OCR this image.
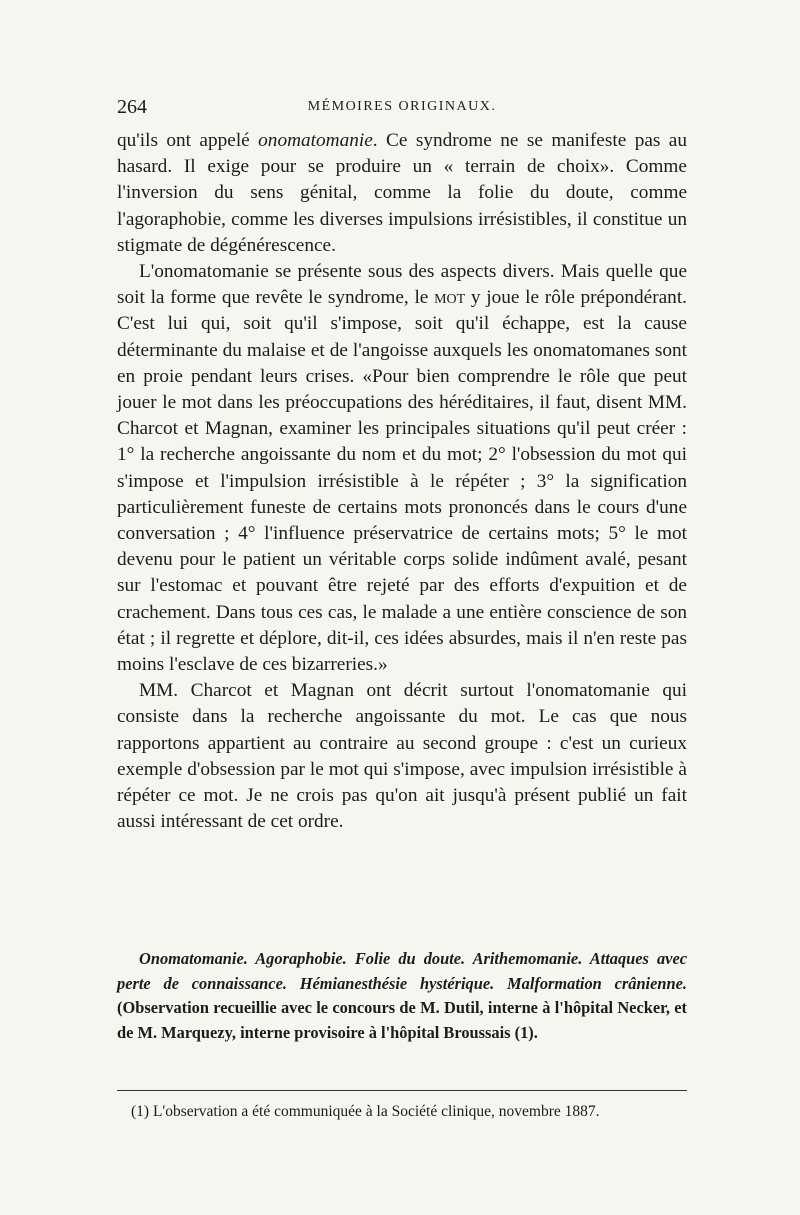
264	MÉMOIRES ORIGINAUX.

qu'ils ont appelé onomatomanie. Ce syndrome ne se manifeste pas au hasard. Il exige pour se produire un « terrain de choix». Comme l'inversion du sens génital, comme la folie du doute, comme l'agoraphobie, comme les diverses impulsions irrésistibles, il constitue un stigmate de dégénérescence.

L'onomatomanie se présente sous des aspects divers. Mais quelle que soit la forme que revête le syndrome, le mot y joue le rôle prépondérant. C'est lui qui, soit qu'il s'impose, soit qu'il échappe, est la cause déterminante du malaise et de l'angoisse auxquels les onomatomanes sont en proie pendant leurs crises. «Pour bien comprendre le rôle que peut jouer le mot dans les préoccupations des héréditaires, il faut, disent MM. Charcot et Magnan, examiner les principales situations qu'il peut créer : 1° la recherche angoissante du nom et du mot; 2° l'obsession du mot qui s'impose et l'impulsion irrésistible à le répéter ; 3° la signification particulièrement funeste de certains mots prononcés dans le cours d'une conversation ; 4° l'influence préservatrice de certains mots; 5° le mot devenu pour le patient un véritable corps solide indûment avalé, pesant sur l'estomac et pouvant être rejeté par des efforts d'expuition et de crachement. Dans tous ces cas, le malade a une entière conscience de son état ; il regrette et déplore, dit-il, ces idées absurdes, mais il n'en reste pas moins l'esclave de ces bizarreries.»

MM. Charcot et Magnan ont décrit surtout l'onomatomanie qui consiste dans la recherche angoissante du mot. Le cas que nous rapportons appartient au contraire au second groupe : c'est un curieux exemple d'obsession par le mot qui s'impose, avec impulsion irrésistible à répéter ce mot. Je ne crois pas qu'on ait jusqu'à présent publié un fait aussi intéressant de cet ordre.

Onomatomanie. Agoraphobie. Folie du doute. Arithemomanie. Attaques avec perte de connaissance. Hémianesthésie hystérique. Malformation crânienne. (Observation recueillie avec le concours de M. Dutil, interne à l'hôpital Necker, et de M. Marquezy, interne provisoire à l'hôpital Broussais (1).

(1) L'observation a été communiquée à la Société clinique, novembre 1887.
